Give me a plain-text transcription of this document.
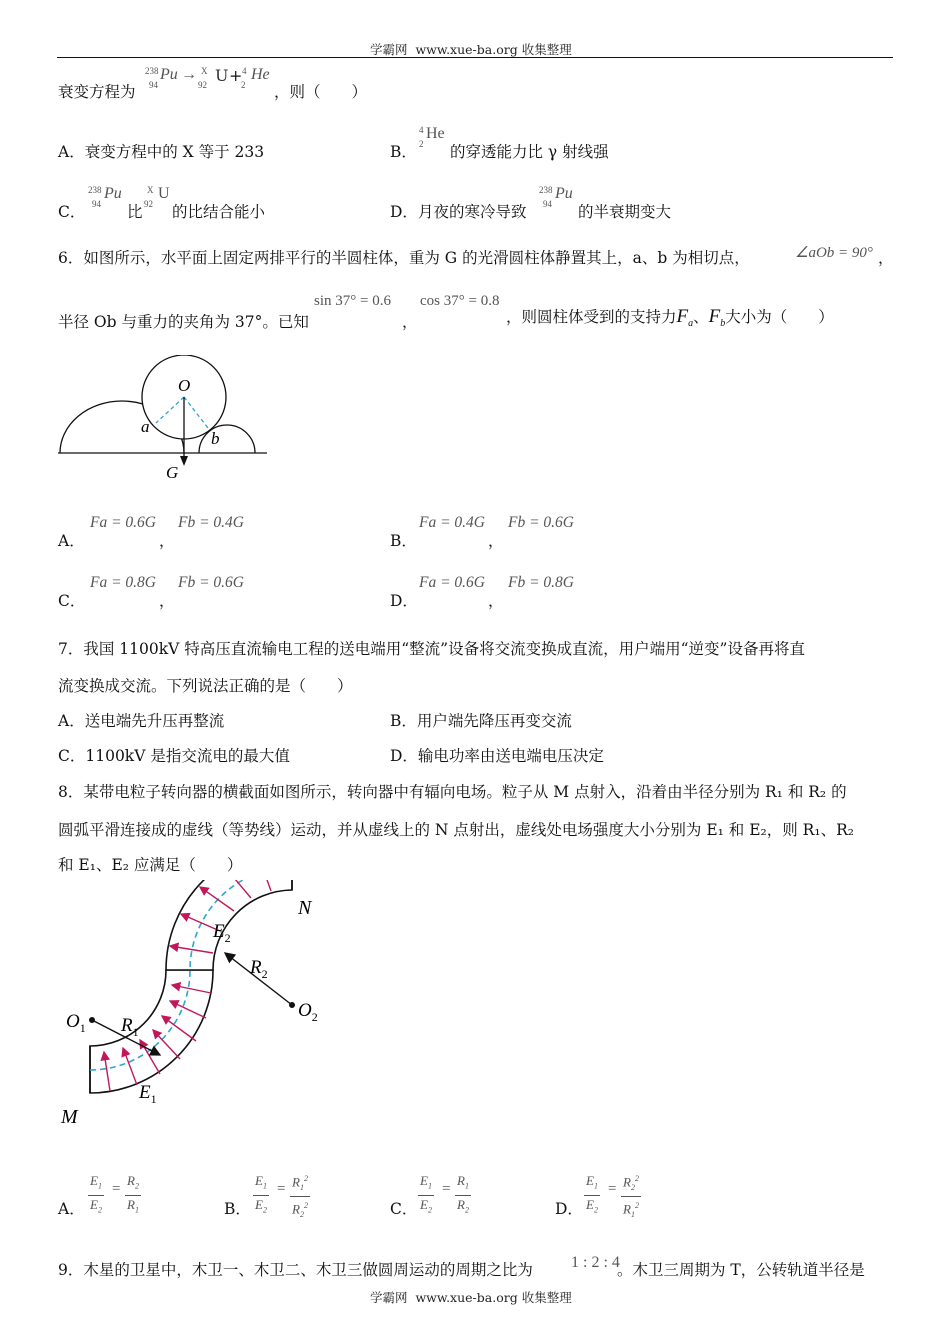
学霸网 www.xue-ba.org 收集整理
衰变方程为
238
94
Pu → X
92 U + 4
2
He
，则（　　）
A．衰变方程中的 X 等于 233	B．
4
2
He
的穿透能力比 γ 射线强
C．
238
94
Pu
比
X
92
U
的比结合能小	D． 月夜的寒冷导致
238
94
Pu
的半衰期变大
6．如图所示，水平面上固定两排平行的半圆柱体，重为 G 的光滑圆柱体静置其上，a、b 为相切点，	∠aOb = 90° ，
半径 Ob 与重力的夹角为 37°。已知
sin 37° = 0.6
，
cos 37° = 0.8
，则圆柱体受到的支持力$F_a$、$F_b$大小为（　　）
O
a
b
G
A．
Fa = 0.6G
，
Fb = 0.4G
B．
Fa = 0.4G
，
Fb = 0.6G
C．
Fa = 0.8G
，
Fb = 0.6G
D．
Fa = 0.6G
，
Fb = 0.8G
7．我国 1100kV 特高压直流输电工程的送电端用“整流”设备将交流变换成直流，用户端用“逆变”设备再将直
流变换成交流。下列说法正确的是（　　）
A．送电端先升压再整流	B．用户端先降压再变交流
C．1100kV 是指交流电的最大值	D．输电功率由送电端电压决定
8．某带电粒子转向器的横截面如图所示，转向器中有辐向电场。粒子从 M 点射入，沿着由半径分别为 R₁ 和 R₂ 的
圆弧平滑连接成的虚线（等势线）运动，并从虚线上的 N 点射出，虚线处电场强度大小分别为 E₁ 和 E₂，则 R₁、R₂
和 E₁、E₂ 应满足（　　）
N
$E_2$
$R_2$
$O_2$
$O_1$ $R_1$
$E_1$
M
A．
$E_1$
$E_2$
=
$R_2$
$R_1$	B．
$E_1$
$E_2$
= $R_1^2$
$R_2^2$	C．
$E_1$
$E_2$
=
$R_1$
$R_2$	D．
$E_1$
$E_2$
= $R_2^2$
$R_1^2$
9．木星的卫星中，木卫一、木卫二、木卫三做圆周运动的周期之比为 1 : 2 : 4
。木卫三周期为 T，公转轨道半径是
学霸网 www.xue-ba.org 收集整理
